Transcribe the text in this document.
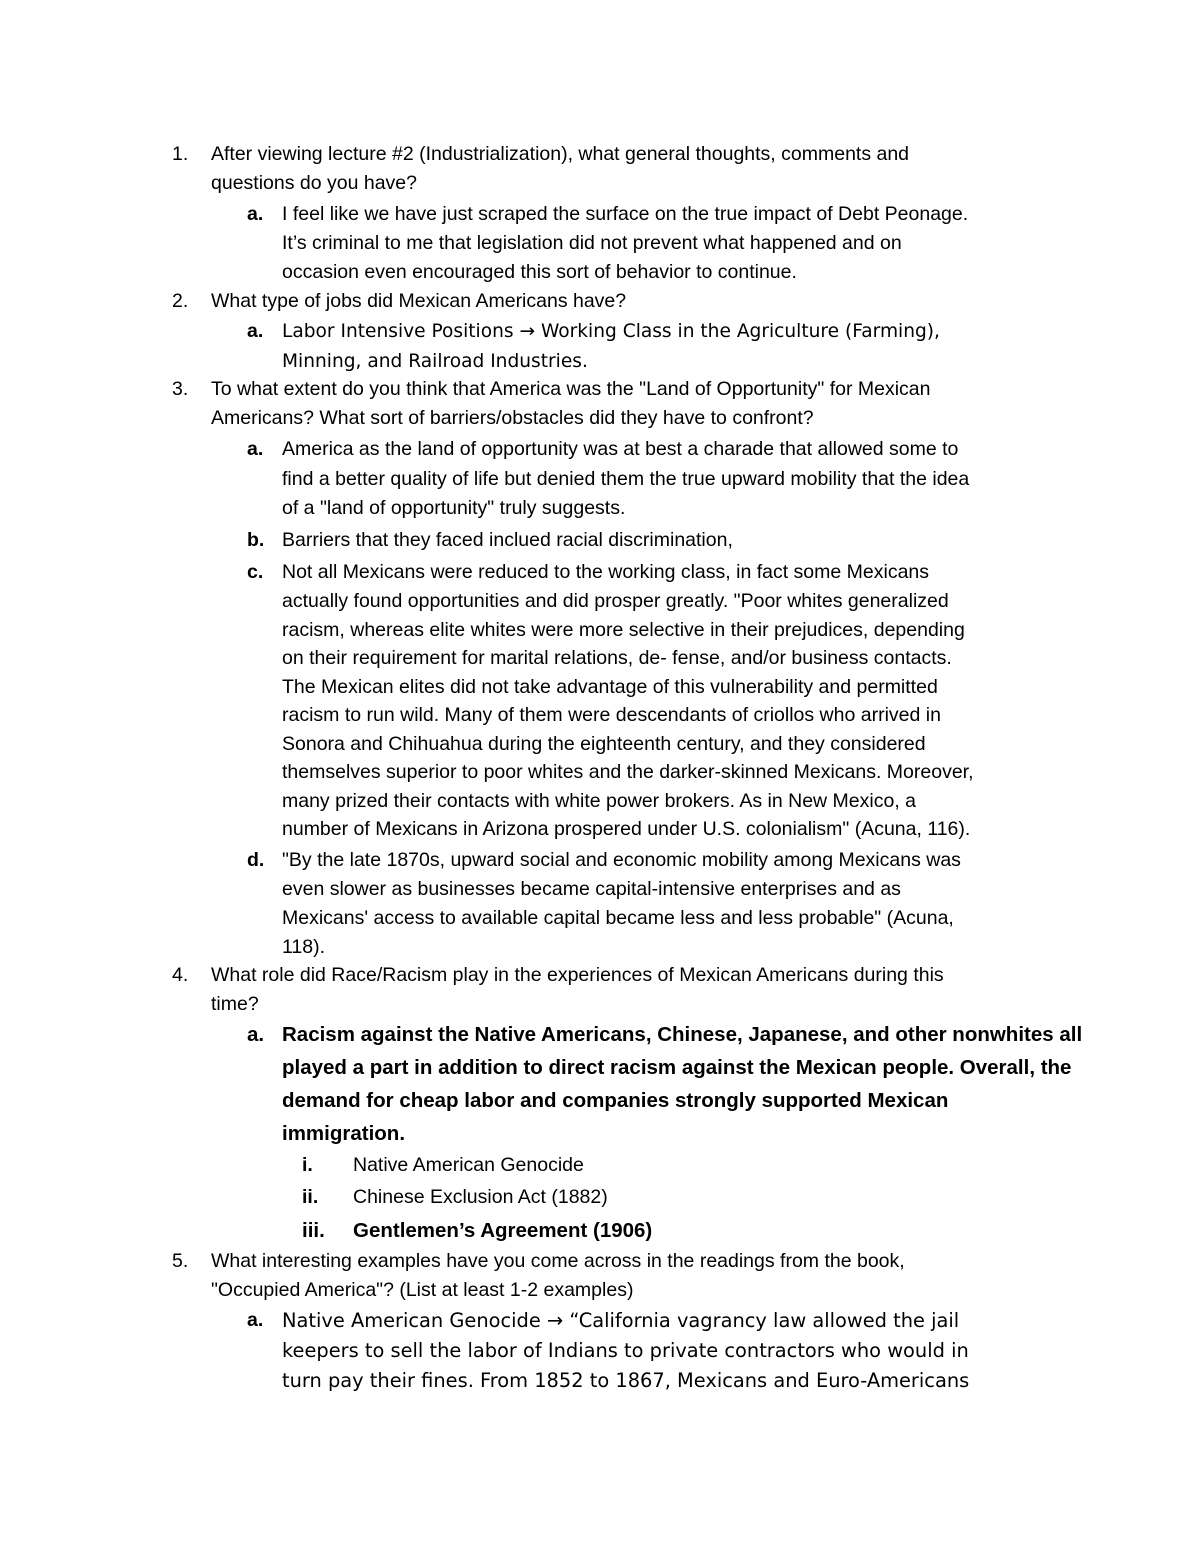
1.	After viewing lecture #2 (Industrialization), what general thoughts, comments and
questions do you have?
a. I feel like we have just scraped the surface on the true impact of Debt Peonage.
It’s criminal to me that legislation did not prevent what happened and on
occasion even encouraged this sort of behavior to continue.
2.	What type of jobs did Mexican Americans have?
a. Labor Intensive Positions → Working Class in the Agriculture (Farming),
Minning, and Railroad Industries.
3.	To what extent do you think that America was the "Land of Opportunity" for Mexican
Americans? What sort of barriers/obstacles did they have to confront?
a. America as the land of opportunity was at best a charade that allowed some to
find a better quality of life but denied them the true upward mobility that the idea
of a "land of opportunity" truly suggests.
b. Barriers that they faced inclued racial discrimination,
c. Not all Mexicans were reduced to the working class, in fact some Mexicans
actually found opportunities and did prosper greatly. "Poor whites generalized
racism, whereas elite whites were more selective in their prejudices, depending
on their requirement for marital relations, de- fense, and/or business contacts.
The Mexican elites did not take advantage of this vulnerability and permitted
racism to run wild. Many of them were descendants of criollos who arrived in
Sonora and Chihuahua during the eighteenth century, and they considered
themselves superior to poor whites and the darker-skinned Mexicans. Moreover,
many prized their contacts with white power brokers. As in New Mexico, a
number of Mexicans in Arizona prospered under U.S. colonialism" (Acuna, 116).
d. "By the late 1870s, upward social and economic mobility among Mexicans was
even slower as businesses became capital-intensive enterprises and as
Mexicans' access to available capital became less and less probable" (Acuna,
118).
4.	What role did Race/Racism play in the experiences of Mexican Americans during this
time?
a. Racism against the Native Americans, Chinese, Japanese, and other nonwhites all
played a part in addition to direct racism against the Mexican people. Overall, the
demand for cheap labor and companies strongly supported Mexican
immigration.
i.	Native American Genocide
ii.	Chinese Exclusion Act (1882)
iii.	Gentlemen’s Agreement (1906)
5.	What interesting examples have you come across in the readings from the book,
"Occupied America"? (List at least 1-2 examples)
a. Native American Genocide → “California vagrancy law allowed the jail
keepers to sell the labor of Indians to private contractors who would in
turn pay their fines. From 1852 to 1867, Mexicans and Euro-Americans
